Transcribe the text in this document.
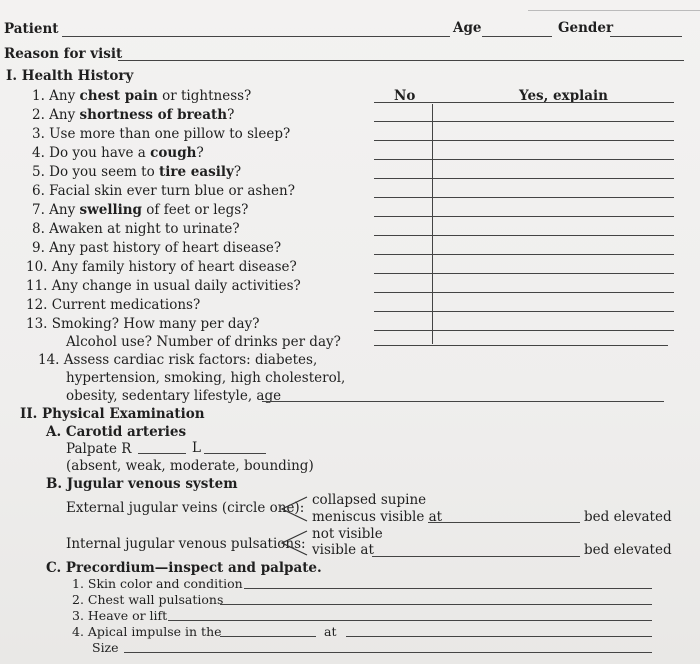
Patient	Age	Gender
Reason for visit
I. Health History
No	Yes, explain
1. Any chest pain or tightness?
2. Any shortness of breath?
3. Use more than one pillow to sleep?
4. Do you have a cough?
5. Do you seem to tire easily?
6. Facial skin ever turn blue or ashen?
7. Any swelling of feet or legs?
8. Awaken at night to urinate?
9. Any past history of heart disease?
10. Any family history of heart disease?
11. Any change in usual daily activities?
12. Current medications?
13. Smoking? How many per day?
Alcohol use? Number of drinks per day?
14. Assess cardiac risk factors: diabetes,
hypertension, smoking, high cholesterol,
obesity, sedentary lifestyle, age
II. Physical Examination
A. Carotid arteries
Palpate R	L
(absent, weak, moderate, bounding)
B. Jugular venous system
External jugular veins (circle one): collapsed supine
meniscus visible at	bed elevated
Internal jugular venous pulsations:
not visible
visible at	bed elevated
C. Precordium—inspect and palpate.
1. Skin color and condition
2. Chest wall pulsations
3. Heave or lift
4. Apical impulse in the	at
Size
